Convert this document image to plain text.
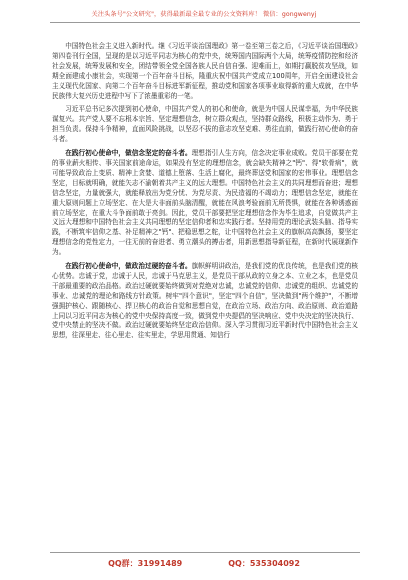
关注头条号"公文研究"，获得最新最全最专业的公文资料库！ 微信：gongwenyj

中国特色社会主义进入新时代。继《习近平谈治国理政》第一卷至第三卷之后，《习近平谈治国理政》第四卷刊行全国，呈现的是以习近平同志为核心的党中央，统筹国内国际两个大局，统筹疫情防控和经济社会发展，统筹发展和安全，团结带领全党全国各族人民自信自强、迎难而上，如期打赢脱贫攻坚战，如期全面建成小康社会，实现第一个百年奋斗目标，隆重庆祝中国共产党成立100周年，开启全面建设社会主义现代化国家、向第二个百年奋斗目标进军新征程，推动党和国家各项事业取得新的重大成就，在中华民族伟大复兴历史进程中写下了浓墨重彩的一笔。

习近平总书记多次提到初心使命，中国共产党人的初心和使命，就是为中国人民谋幸福，为中华民族谋复兴。共产党人要不忘根本宗旨、坚定理想信念，树立群众观点，坚持群众路线，积极主动作为、勇于担当负责。保持斗争精神，直面风险挑战，以坚忍不拔的意志攻坚克难、勇往直前，做践行初心使命的奋斗者。

在践行初心使命中，做信念坚定的奋斗者。理想指引人生方向，信念决定事业成败。党员干部要在党的事业薪火相传、事关国家前途命运，如果没有坚定的理想信念，就会缺失精神之"钙"、得"软骨病"，就可能导致政治上变质、精神上贪婪、道德上堕落、生活上腐化，最终葬送党和国家的宏伟事业。理想信念坚定，目标就明确，就能矢志不渝朝着共产主义的远大理想。中国特色社会主义的共同理想而奋进；理想信念坚定，力量就强大，就能释放出为党分忧、为党尽责、为民造福的不竭动力；理想信念坚定，就能在重大原则问题上立场坚定、在大是大非面前头脑清醒，就能在风浪考验面前无所畏惧，就能在各种诱惑面前立场坚定，在重大斗争面前敢于亮剑。因此，党员干部要把坚定理想信念作为毕生追求，自觉做共产主义远大理想和中国特色社会主义共同理想的坚定信仰者和忠实践行者。坚持用党的理论武装头脑、指导实践，不断筑牢信仰之基、补足精神之"钙"、把稳思想之舵，让中国特色社会主义的旗帜高高飘扬，要坚定理想信念的党性定力，一往无前的奋进者、勇立潮头的搏击者，用新思想指导新征程，在新时代展现新作为。

在践行初心使命中，做政治过硬的奋斗者。旗帜鲜明讲政治，是我们党的优良传统，也是我们党的核心优势。忠诚于党，忠诚于人民，忠诚于马克思主义，是党员干部从政的立身之本、立业之本，也是党员干部最重要的政治品格。政治过硬就要始终做到对党绝对忠诚，忠诚党的信仰、忠诚党的组织、忠诚党的事业、忠诚党的理论和路线方针政策。树牢"四个意识"，坚定"四个自信"，坚决做到"两个维护"，不断增强拥护核心、跟随核心、捍卫核心的政治自觉和思想自觉，在政治立场、政治方向、政治原则、政治道路上同以习近平同志为核心的党中央保持高度一致，做到党中央提倡的坚决响应、党中央决定的坚决执行、党中央禁止的坚决不做。政治过硬就要始终坚定政治信仰。深入学习贯彻习近平新时代中国特色社会主义思想，往深里走、往心里走、往实里走，学思用贯通、知信行

QQ群：31991489	QQ：535304092
